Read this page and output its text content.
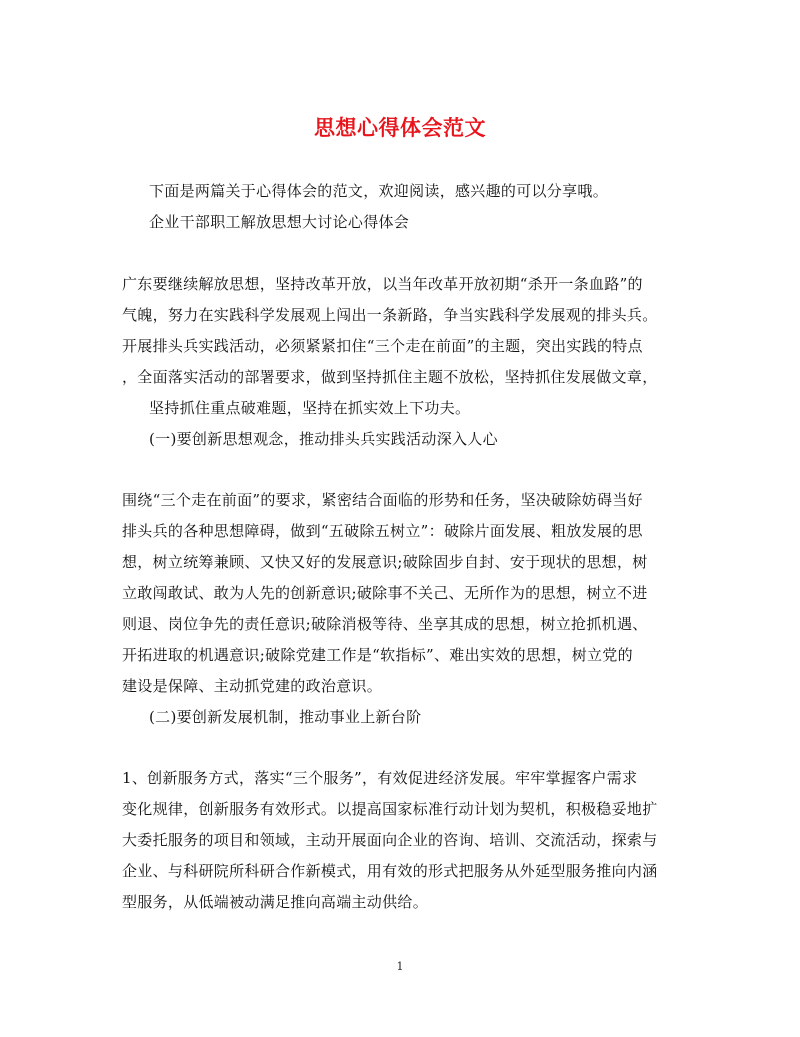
思想心得体会范文
下面是两篇关于心得体会的范文，欢迎阅读，感兴趣的可以分享哦。
企业干部职工解放思想大讨论心得体会
广东要继续解放思想，坚持改革开放，以当年改革开放初期“杀开一条血路”的
气魄，努力在实践科学发展观上闯出一条新路，争当实践科学发展观的排头兵。
开展排头兵实践活动，必须紧紧扣住“三个走在前面”的主题，突出实践的特点
，全面落实活动的部署要求，做到坚持抓住主题不放松，坚持抓住发展做文章，
坚持抓住重点破难题，坚持在抓实效上下功夫。
(一)要创新思想观念，推动排头兵实践活动深入人心
围绕“三个走在前面”的要求，紧密结合面临的形势和任务，坚决破除妨碍当好
排头兵的各种思想障碍，做到“五破除五树立”：破除片面发展、粗放发展的思
想，树立统筹兼顾、又快又好的发展意识;破除固步自封、安于现状的思想，树
立敢闯敢试、敢为人先的创新意识;破除事不关己、无所作为的思想，树立不进
则退、岗位争先的责任意识;破除消极等待、坐享其成的思想，树立抢抓机遇、
开拓进取的机遇意识;破除党建工作是“软指标”、难出实效的思想，树立党的
建设是保障、主动抓党建的政治意识。
(二)要创新发展机制，推动事业上新台阶
1、创新服务方式，落实“三个服务”，有效促进经济发展。牢牢掌握客户需求
变化规律，创新服务有效形式。以提高国家标准行动计划为契机，积极稳妥地扩
大委托服务的项目和领域，主动开展面向企业的咨询、培训、交流活动，探索与
企业、与科研院所科研合作新模式，用有效的形式把服务从外延型服务推向内涵
型服务，从低端被动满足推向高端主动供给。
1
